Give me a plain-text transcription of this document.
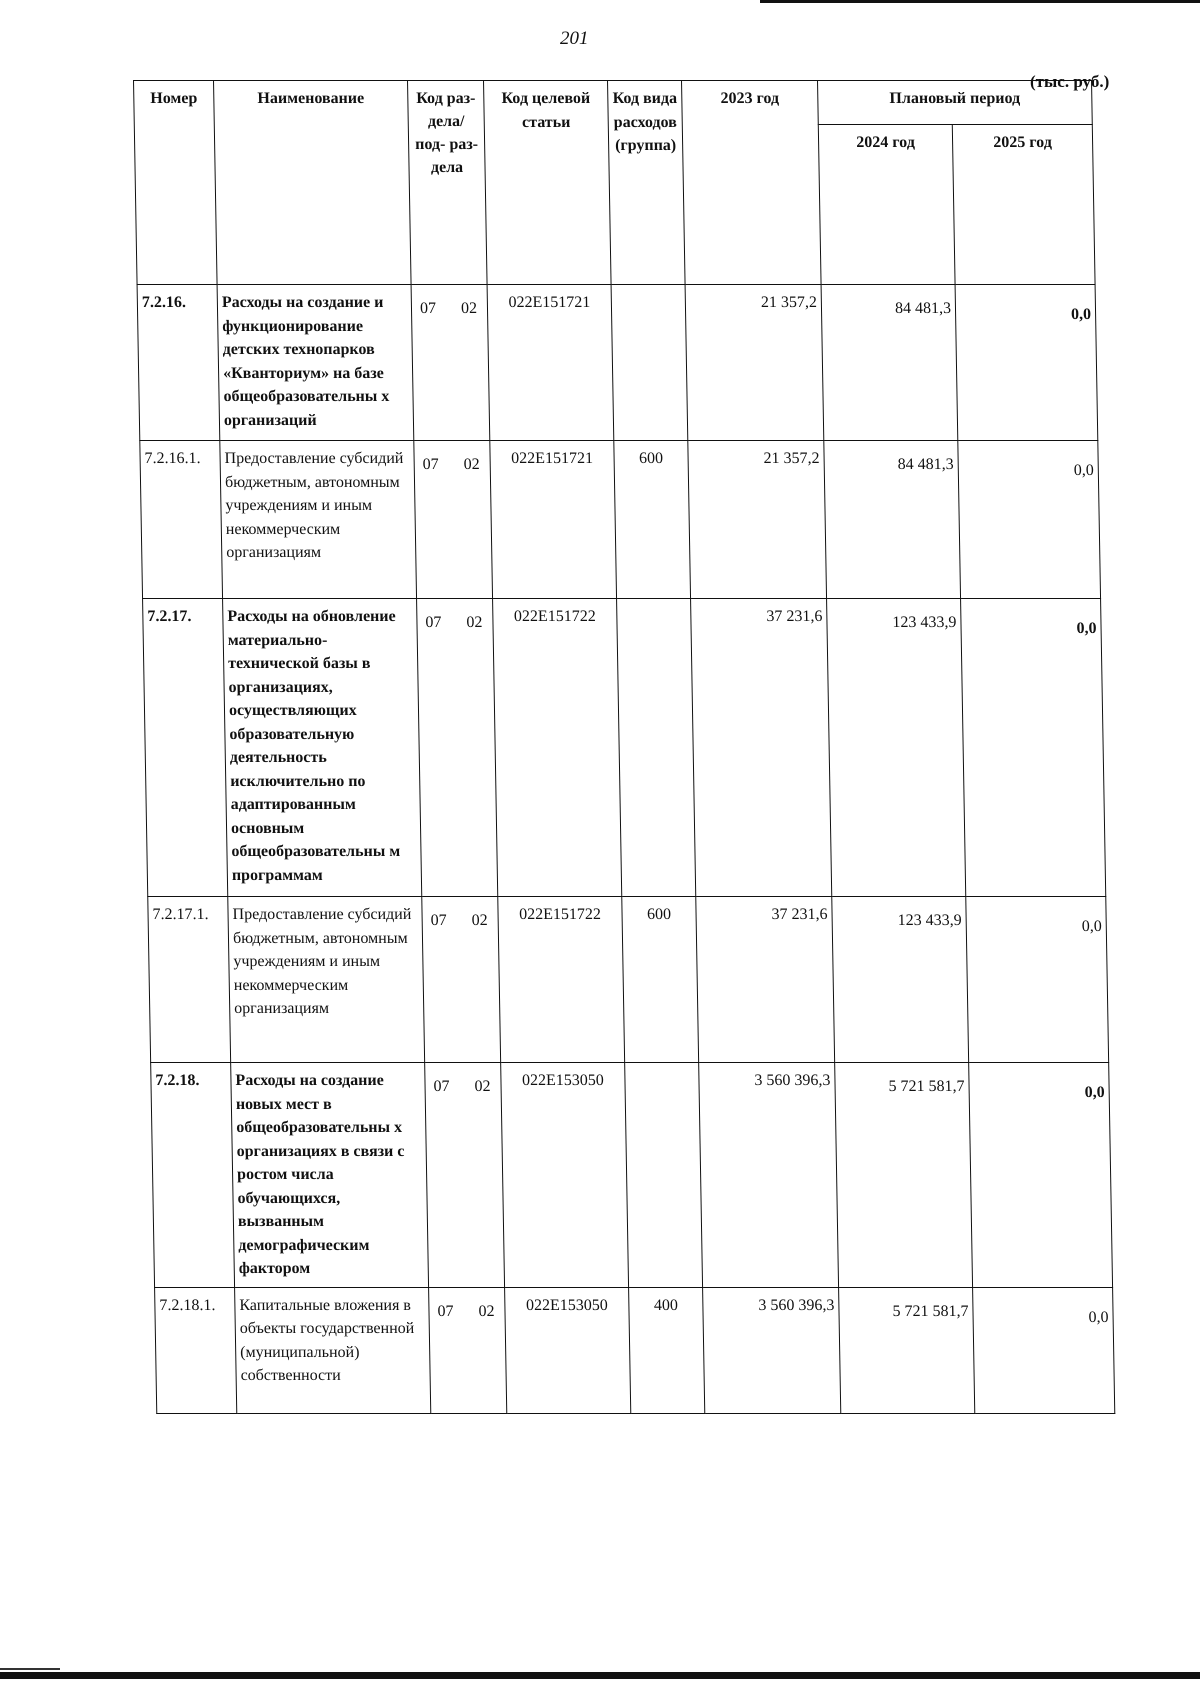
201
(тыс. руб.)
Номер	Наименование	Код раз- дела/ под- раз- дела	Код целевой статьи	Код вида расходов (группа)	2023 год	Плановый период	
						2024 год	2025 год
7.2.16.	Расходы на создание и функционирование детских технопарков «Кванториум» на базе общеобразовательны х организаций	07 02	022Е151721		21 357,2	84 481,3	0,0
7.2.16.1.	Предоставление субсидий бюджетным, автономным учреждениям и иным некоммерческим организациям	07 02	022Е151721	600	21 357,2	84 481,3	0,0
7.2.17.	Расходы на обновление материально-технической базы в организациях, осуществляющих образовательную деятельность исключительно по адаптированным основным общеобразовательны м программам	07 02	022Е151722		37 231,6	123 433,9	0,0
7.2.17.1.	Предоставление субсидий бюджетным, автономным учреждениям и иным некоммерческим организациям	07 02	022Е151722	600	37 231,6	123 433,9	0,0
7.2.18.	Расходы на создание новых мест в общеобразовательны х организациях в связи с ростом числа обучающихся, вызванным демографическим фактором	07 02	022Е153050		3 560 396,3	5 721 581,7	0,0
7.2.18.1.	Капитальные вложения в объекты государственной (муниципальной) собственности	07 02	022Е153050	400	3 560 396,3	5 721 581,7	0,0
